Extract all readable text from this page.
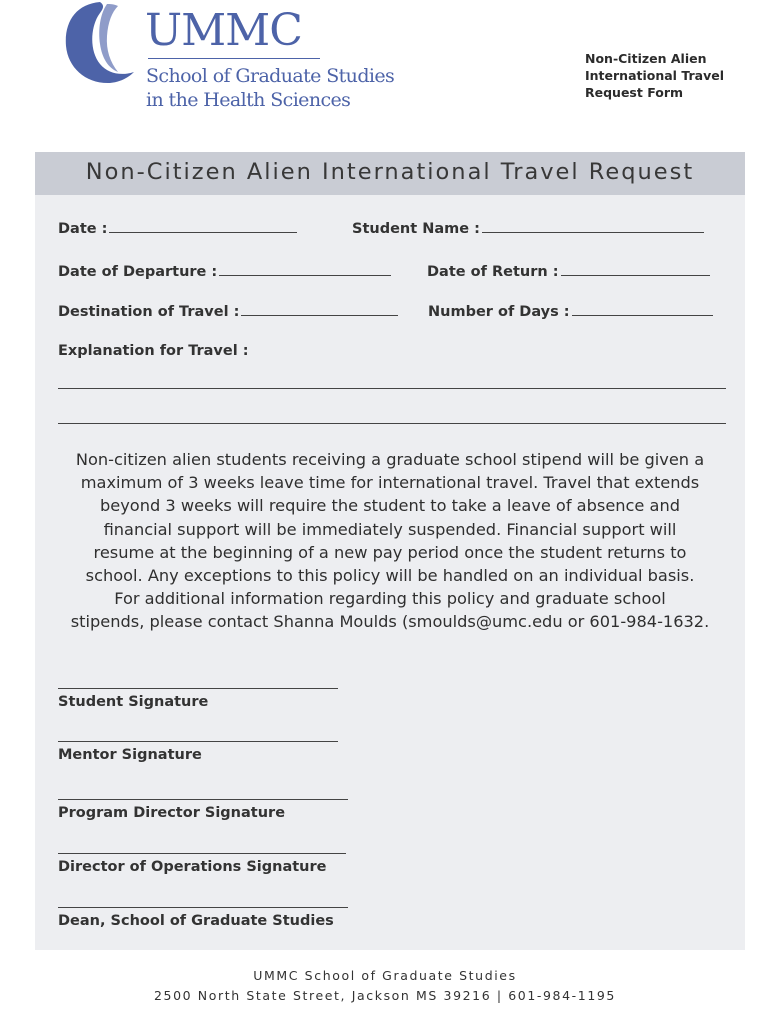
UMMC
School of Graduate Studies
in the Health Sciences
Non-Citizen Alien
International Travel
Request Form
Non-Citizen Alien International Travel Request
Date :	Student Name :
Date of Departure :	Date of Return :
Destination of Travel :	Number of Days :
Explanation for Travel :
Non-citizen alien students receiving a graduate school stipend will be given a
maximum of 3 weeks leave time for international travel. Travel that extends
beyond 3 weeks will require the student to take a leave of absence and
financial support will be immediately suspended. Financial support will
resume at the beginning of a new pay period once the student returns to
school. Any exceptions to this policy will be handled on an individual basis.
For additional information regarding this policy and graduate school
stipends, please contact Shanna Moulds (smoulds@umc.edu or 601-984-1632.
Student Signature
Mentor Signature
Program Director Signature
Director of Operations Signature
Dean, School of Graduate Studies
UMMC School of Graduate Studies
2500 North State Street, Jackson MS 39216 | 601-984-1195
